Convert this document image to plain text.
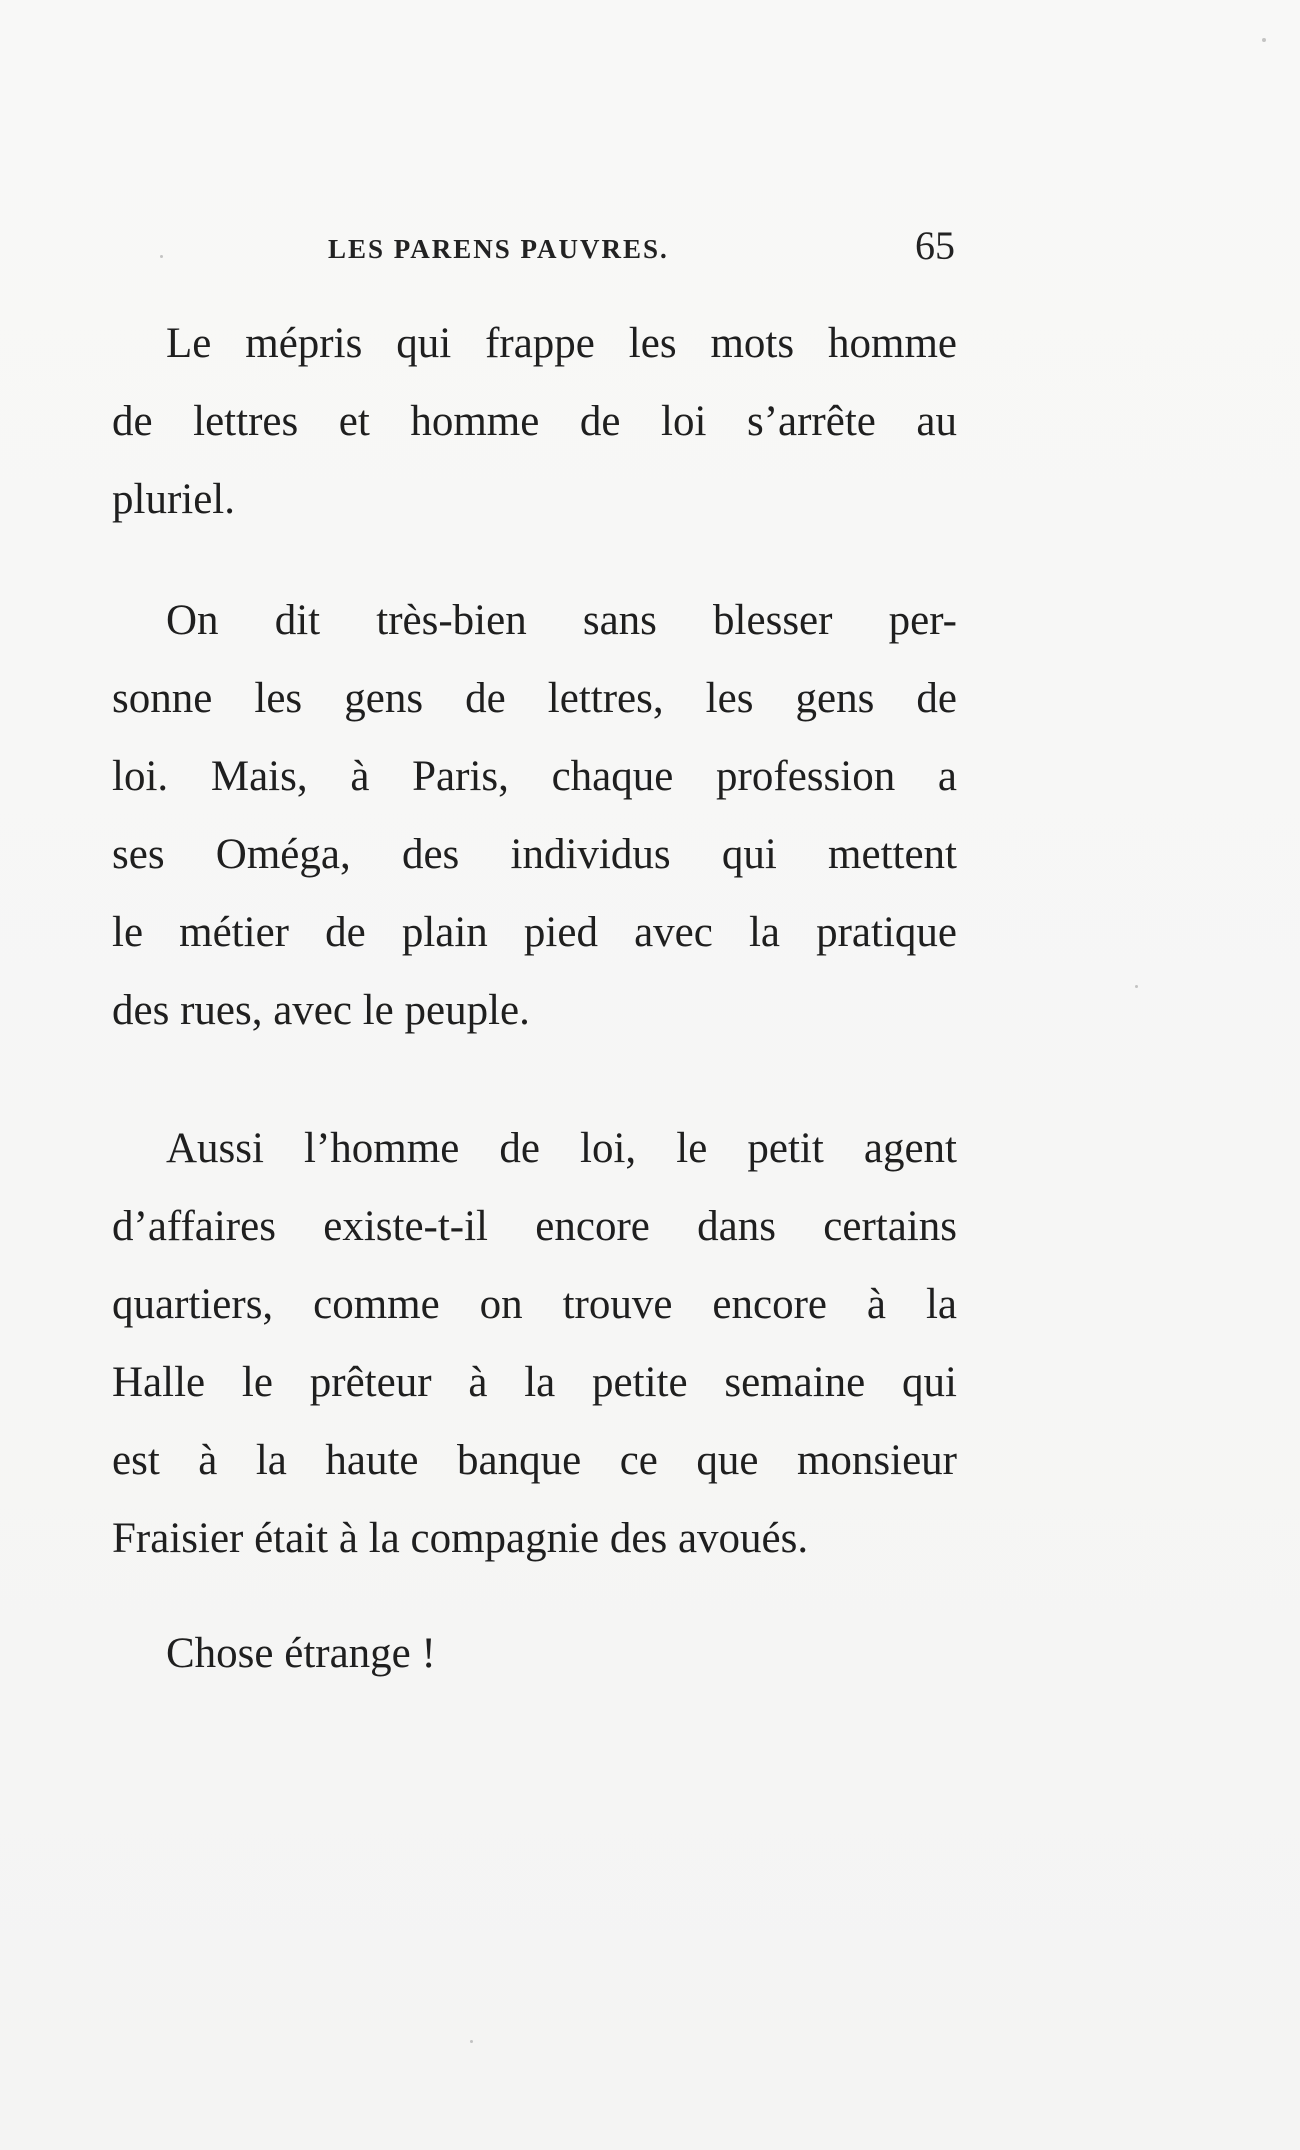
LES PARENS PAUVRES.	65
Le mépris qui frappe les mots homme
de lettres et homme de loi s’arrête au
pluriel.
On dit très-bien sans blesser per-
sonne les gens de lettres, les gens de
loi. Mais, à Paris, chaque profession a
ses Oméga, des individus qui mettent
le métier de plain pied avec la pratique
des rues, avec le peuple.
Aussi l’homme de loi, le petit agent
d’affaires existe-t-il encore dans certains
quartiers, comme on trouve encore à la
Halle le prêteur à la petite semaine qui
est à la haute banque ce que monsieur
Fraisier était à la compagnie des avoués.
Chose étrange !
